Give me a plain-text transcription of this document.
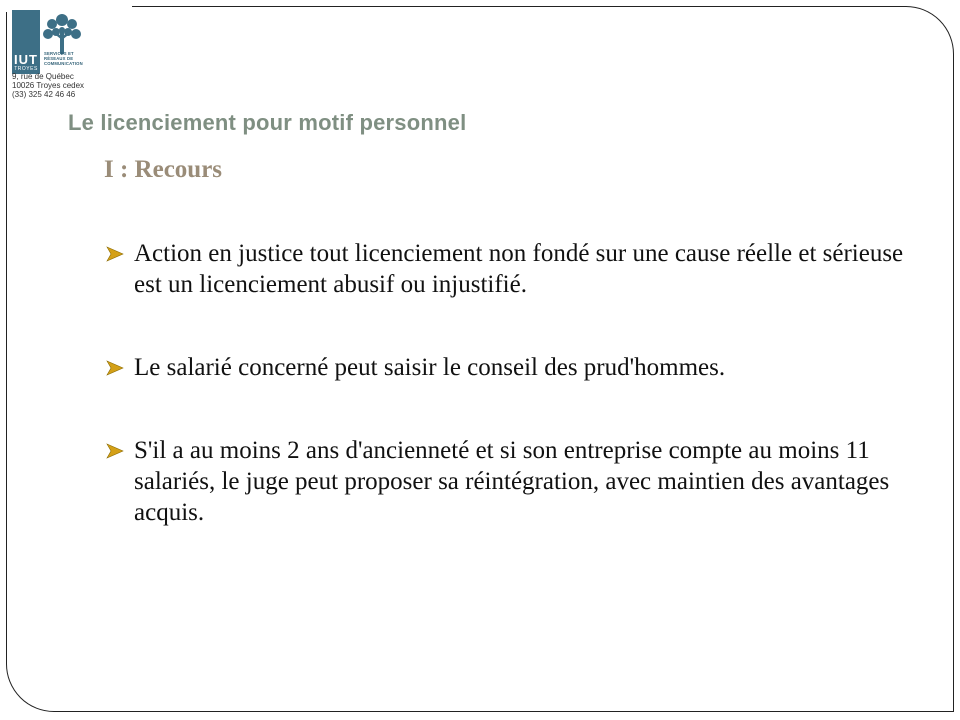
IUT
TROYES
SERVICES ET
RÉSEAUX DE
COMMUNICATION
9, rue de Québec
10026 Troyes cedex
(33) 325 42 46 46
Le licenciement pour motif personnel
I : Recours
Action en justice tout licenciement non fondé sur une cause réelle et sérieuse est un licenciement abusif ou injustifié.
Le salarié concerné peut saisir le conseil des prud'hommes.
S'il a au moins 2 ans d'ancienneté et si son entreprise compte au moins 11 salariés, le juge peut proposer sa réintégration, avec maintien des avantages acquis.
